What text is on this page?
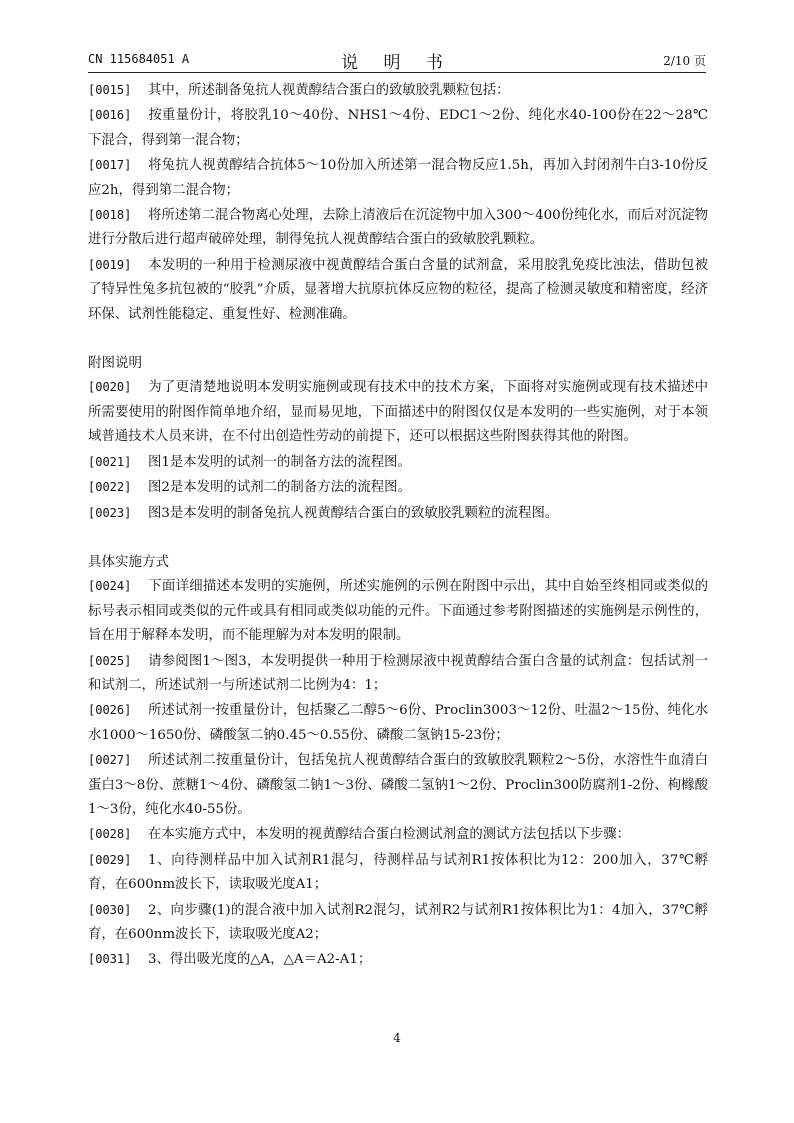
CN 115684051 A	说 明 书	2/10 页

[0015] 其中，所述制备兔抗人视黄醇结合蛋白的致敏胶乳颗粒包括：

[0016] 按重量份计，将胶乳10～40份、NHS1～4份、EDC1～2份、纯化水40-100份在22～28℃下混合，得到第一混合物；

[0017] 将兔抗人视黄醇结合抗体5～10份加入所述第一混合物反应1.5h，再加入封闭剂牛白3-10份反应2h，得到第二混合物；

[0018] 将所述第二混合物离心处理，去除上清液后在沉淀物中加入300～400份纯化水，而后对沉淀物进行分散后进行超声破碎处理，制得兔抗人视黄醇结合蛋白的致敏胶乳颗粒。

[0019] 本发明的一种用于检测尿液中视黄醇结合蛋白含量的试剂盒，采用胶乳免疫比浊法，借助包被了特异性兔多抗包被的“胶乳”介质，显著增大抗原抗体反应物的粒径，提高了检测灵敏度和精密度，经济环保、试剂性能稳定、重复性好、检测准确。

附图说明

[0020] 为了更清楚地说明本发明实施例或现有技术中的技术方案，下面将对实施例或现有技术描述中所需要使用的附图作简单地介绍，显而易见地，下面描述中的附图仅仅是本发明的一些实施例，对于本领域普通技术人员来讲，在不付出创造性劳动的前提下，还可以根据这些附图获得其他的附图。

[0021] 图1是本发明的试剂一的制备方法的流程图。

[0022] 图2是本发明的试剂二的制备方法的流程图。

[0023] 图3是本发明的制备兔抗人视黄醇结合蛋白的致敏胶乳颗粒的流程图。

具体实施方式

[0024] 下面详细描述本发明的实施例，所述实施例的示例在附图中示出，其中自始至终相同或类似的标号表示相同或类似的元件或具有相同或类似功能的元件。下面通过参考附图描述的实施例是示例性的，旨在用于解释本发明，而不能理解为对本发明的限制。

[0025] 请参阅图1～图3，本发明提供一种用于检测尿液中视黄醇结合蛋白含量的试剂盒：包括试剂一和试剂二，所述试剂一与所述试剂二比例为4：1；

[0026] 所述试剂一按重量份计，包括聚乙二醇5～6份、Proclin3003～12份、吐温2～15份、纯化水水1000～1650份、磷酸氢二钠0.45～0.55份、磷酸二氢钠15-23份；

[0027] 所述试剂二按重量份计，包括兔抗人视黄醇结合蛋白的致敏胶乳颗粒2～5份，水溶性牛血清白蛋白3～8份、蔗糖1～4份、磷酸氢二钠1～3份、磷酸二氢钠1～2份、Proclin300防腐剂1-2份、枸橼酸1～3份，纯化水40-55份。

[0028] 在本实施方式中，本发明的视黄醇结合蛋白检测试剂盒的测试方法包括以下步骤：

[0029] 1、向待测样品中加入试剂R1混匀，待测样品与试剂R1按体积比为12：200加入，37℃孵育，在600nm波长下，读取吸光度A1；

[0030] 2、向步骤(1)的混合液中加入试剂R2混匀，试剂R2与试剂R1按体积比为1：4加入，37℃孵育，在600nm波长下，读取吸光度A2；

[0031] 3、得出吸光度的△A，△A＝A2-A1；

4
